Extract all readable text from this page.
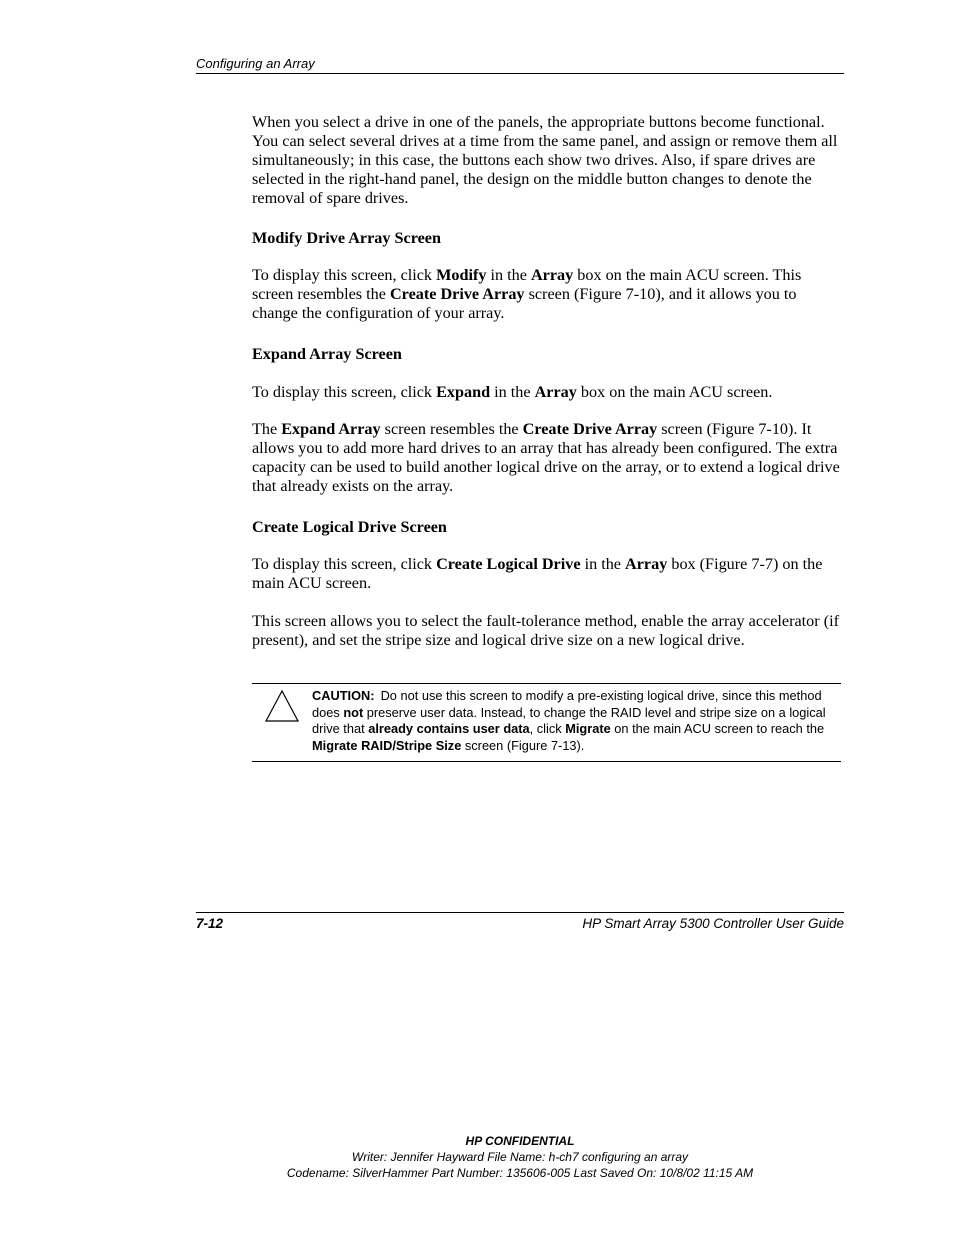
Configuring an Array

When you select a drive in one of the panels, the appropriate buttons become functional. You can select several drives at a time from the same panel, and assign or remove them all simultaneously; in this case, the buttons each show two drives. Also, if spare drives are selected in the right-hand panel, the design on the middle button changes to denote the removal of spare drives.

Modify Drive Array Screen

To display this screen, click Modify in the Array box on the main ACU screen. This screen resembles the Create Drive Array screen (Figure 7-10), and it allows you to change the configuration of your array.

Expand Array Screen

To display this screen, click Expand in the Array box on the main ACU screen.

The Expand Array screen resembles the Create Drive Array screen (Figure 7-10). It allows you to add more hard drives to an array that has already been configured. The extra capacity can be used to build another logical drive on the array, or to extend a logical drive that already exists on the array.

Create Logical Drive Screen

To display this screen, click Create Logical Drive in the Array box (Figure 7-7) on the main ACU screen.

This screen allows you to select the fault-tolerance method, enable the array accelerator (if present), and set the stripe size and logical drive size on a new logical drive.

CAUTION: Do not use this screen to modify a pre-existing logical drive, since this method does not preserve user data. Instead, to change the RAID level and stripe size on a logical drive that already contains user data, click Migrate on the main ACU screen to reach the Migrate RAID/Stripe Size screen (Figure 7-13).
7-12	HP Smart Array 5300 Controller User Guide
HP CONFIDENTIAL
Writer: Jennifer Hayward File Name: h-ch7 configuring an array
Codename: SilverHammer Part Number: 135606-005 Last Saved On: 10/8/02 11:15 AM
